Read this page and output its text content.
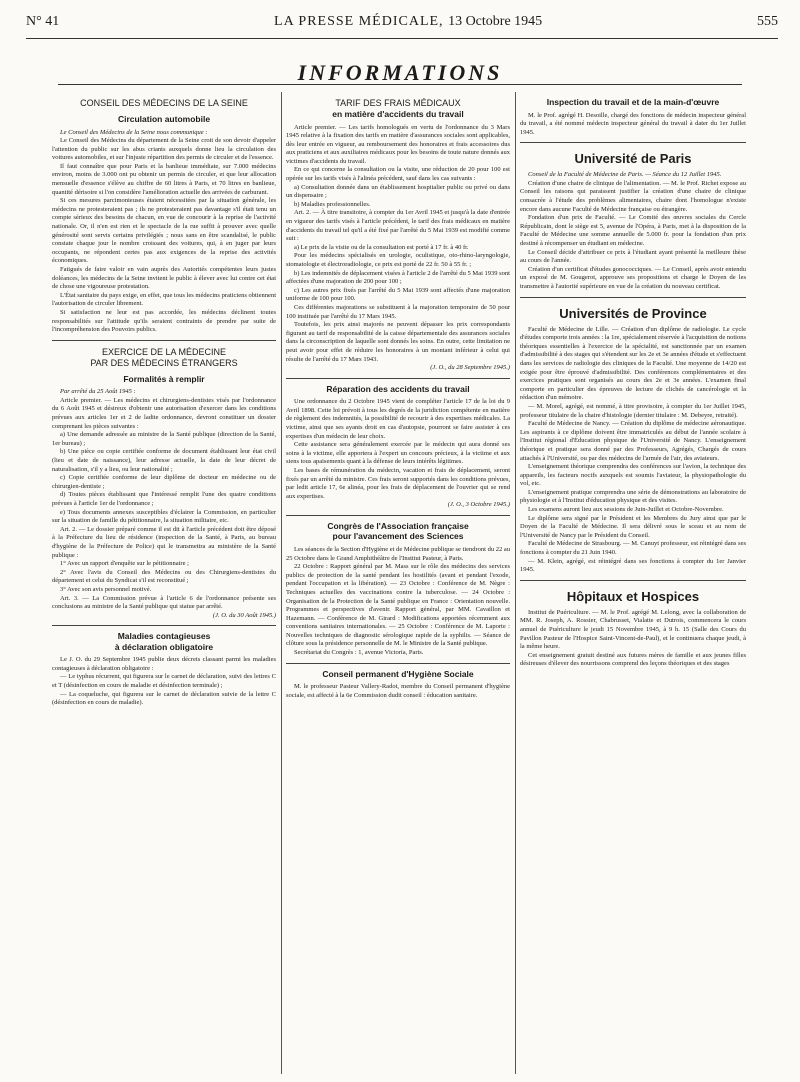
N° 41	LA PRESSE MÉDICALE, 13 Octobre 1945	555
INFORMATIONS
CONSEIL DES MÉDECINS DE LA SEINE
Circulation automobile

Le Conseil des Médecins de la Seine nous communique :

Le Conseil des Médecins du département de la Seine croit de son devoir d'appeler l'attention du public sur les abus criants auxquels donne lieu la circulation des voitures automobiles, et sur l'injuste répartition des permis de circuler et de l'essence.

Il faut connaître que pour Paris et la banlieue immédiate, sur 7.000 médecins environ, moins de 3.000 ont pu obtenir un permis de circuler, et que leur allocation mensuelle d'essence s'élève au chiffre de 60 litres à Paris, et 70 litres en banlieue, quantité dérisoire si l'on considère l'amélioration actuelle des arrivées de carburant.

Si ces mesures parcimonieuses étaient nécessitées par la situation générale, les médecins ne protesteraient pas ; ils ne protesteraient pas davantage s'il était tenu un compte sérieux des besoins de chacun, en vue de concourir à la reprise de l'activité nationale. Or, il n'en est rien et le spectacle de la rue suffit à prouver avec quelle générosité sont servis certains privilégiés ; nous sans en être scandalisé, le public constate chaque jour le nombre croissant des voitures, qui, à en juger par leurs occupants, ne répondent certes pas aux exigences de la reprise des activités économiques.

Fatigués de faire valoir en vain auprès des Autorités compétentes leurs justes doléances, les médecins de la Seine invitent le public à élever avec lui contre cet état de chose une vigoureuse protestation.

L'État sanitaire du pays exige, en effet, que tous les médecins praticiens obtiennent l'autorisation de circuler librement.

Si satisfaction ne leur est pas accordée, les médecins déclinent toutes responsabilités sur l'attitude qu'ils seraient contraints de prendre par suite de l'incompréhension des Pouvoirs publics.

EXERCICE DE LA MÉDECINE
PAR DES MÉDECINS ÉTRANGERS
Formalités à remplir

Par arrêté du 25 Août 1945 :

Article premier. — Les médecins et chirurgiens-dentistes visés par l'ordonnance du 6 Août 1945 et désireux d'obtenir une autorisation d'exercer dans les conditions prévues aux articles 1er et 2 de ladite ordonnance, devront constituer un dossier comprenant les pièces suivantes :

a) Une demande adressée au ministre de la Santé publique (direction de la Santé, 1er bureau) ;

b) Une pièce ou copie certifiée conforme de document établissant leur état civil (lieu et date de naissance), leur adresse actuelle, la date de leur décret de naturalisation, s'il y a lieu, ou leur nationalité ;

c) Copie certifiée conforme de leur diplôme de docteur en médecine ou de chirurgien-dentiste ;

d) Toutes pièces établissant que l'intéressé remplit l'une des quatre conditions prévues à l'article 1er de l'ordonnance ;

e) Tous documents annexes susceptibles d'éclairer la Commission, en particulier sur la situation de famille du pétitionnaire, la situation militaire, etc.

Art. 2. — Le dossier préparé comme il est dit à l'article précédent doit être déposé à la Préfecture du lieu de résidence (inspection de la Santé, à Paris, au bureau d'hygiène de la Préfecture de Police) qui le transmettra au ministère de la Santé publique :

1° Avec un rapport d'enquête sur le pétitionnaire ;

2° Avec l'avis du Conseil des Médecins ou des Chirurgiens-dentistes du département et celui du Syndicat s'il est reconstitué ;

3° Avec son avis personnel motivé.

Art. 3. — La Commission prévue à l'article 6 de l'ordonnance présente ses conclusions au ministre de la Santé publique qui statue par arrêté.

(J. O. du 30 Août 1945.)

Maladies contagieuses
à déclaration obligatoire

Le J. O. du 29 Septembre 1945 publie deux décrets classant parmi les maladies contagieuses à déclaration obligatoire :

— Le typhus récurrent, qui figurera sur le carnet de déclaration, suivi des lettres C et T (désinfection en cours de maladie et désinfection terminale) ;

— La coqueluche, qui figurera sur le carnet de déclaration suivie de la lettre C (désinfection en cours de maladie).

TARIF DES FRAIS MÉDICAUX
en matière d'accidents du travail

Article premier. — Les tarifs homologués en vertu de l'ordonnance du 3 Mars 1945 relative à la fixation des tarifs en matière d'assurances sociales sont applicables, dès leur entrée en vigueur, au remboursement des honoraires et frais accessoires dus aux praticiens et aux auxiliaires médicaux pour les besoins de toute nature donnés aux victimes d'accidents du travail.

En ce qui concerne la consultation ou la visite, une réduction de 20 pour 100 est opérée sur les tarifs visés à l'alinéa précédent, sauf dans les cas suivants :

a) Consultation donnée dans un établissement hospitalier public ou privé ou dans un dispensaire ;

b) Maladies professionnelles.

Art. 2. — À titre transitoire, à compter du 1er Avril 1945 et jusqu'à la date d'entrée en vigueur des tarifs visés à l'article précédent, le tarif des frais médicaux en matière d'accidents du travail tel qu'il a été fixé par l'arrêté du 5 Mai 1939 est modifié comme suit :

a) Le prix de la visite ou de la consultation est porté à 17 fr. à 40 fr.

Pour les médecins spécialisés en urologie, oculistique, oto-rhino-laryngologie, stomatologie et électroradiologie, ce prix est porté de 22 fr. 50 à 55 fr. ;

b) Les indemnités de déplacement visées à l'article 2 de l'arrêté du 5 Mai 1939 sont affectées d'une majoration de 200 pour 100 ;

c) Les autres prix fixés par l'arrêté du 5 Mai 1939 sont affectés d'une majoration uniforme de 100 pour 100.

Ces différentes majorations se substituent à la majoration temporaire de 50 pour 100 instituée par l'arrêté du 17 Mars 1945.

Toutefois, les prix ainsi majorés ne peuvent dépasser les prix correspondants figurant au tarif de responsabilité de la caisse départementale des assurances sociales dans la circonscription de laquelle sont donnés les soins. En outre, cette limitation ne peut avoir pour effet de réduire les honoraires à un montant inférieur à celui qui résulte de l'arrêté du 17 Mars 1943.

(J. O., du 28 Septembre 1945.)

Réparation des accidents du travail

Une ordonnance du 2 Octobre 1945 vient de compléter l'article 17 de la loi du 9 Avril 1898. Cette loi prévoit à tous les degrés de la juridiction compétente en matière de règlement des indemnités, la possibilité de recourir à des expertises médicales. La victime, ainsi que ses ayants droit en cas d'autopsie, pourront se faire assister à ces expertises d'un médecin de leur choix.

Cette assistance sera généralement exercée par le médecin qui aura donné ses soins à la victime, elle apportera à l'expert un concours précieux, à la victime et aux siens tous apaisements quant à la défense de leurs intérêts légitimes.

Les bases de rémunération du médecin, vacation et frais de déplacement, seront fixés par un arrêté du ministre. Ces frais seront supportés dans les conditions prévues, par ledit article 17, 6e alinéa, pour les frais de déplacement de l'ouvrier qui se rend aux expertises.

(J. O., 3 Octobre 1945.)

Congrès de l'Association française
pour l'avancement des Sciences

Les séances de la Section d'Hygiène et de Médecine publique se tiendront du 22 au 25 Octobre dans le Grand Amphithéâtre de l'Institut Pasteur, à Paris.

22 Octobre : Rapport général par M. Mass sur le rôle des médecins des services publics de protection de la santé pendant les hostilités (avant et pendant l'exode, pendant l'occupation et la libération). — 23 Octobre : Conférence de M. Nègre : Techniques actuelles des vaccinations contre la tuberculose. — 24 Octobre : Organisation de la Protection de la Santé publique en France : Orientation nouvelle. Programmes et perspectives d'avenir. Rapport général, par MM. Cavaillon et Hazemann. — Conférence de M. Girard : Modifications apportées récemment aux conventions sanitaires internationales. — 25 Octobre : Conférence de M. Laporte : Nouvelles techniques de diagnostic sérologique rapide de la syphilis. — Séance de clôture sous la présidence personnelle de M. le Ministre de la Santé publique.

Secrétariat du Congrès : 1, avenue Victoria, Paris.

Conseil permanent d'Hygiène Sociale

M. le professeur Pasteur Vallery-Radot, membre du Conseil permanent d'hygiène sociale, est affecté à la 6e Commission dudit conseil : éducation sanitaire.

Inspection du travail et de la main-d'œuvre

M. le Prof. agrégé H. Desoille, chargé des fonctions de médecin inspecteur général du travail, a été nommé médecin inspecteur général du travail à dater du 1er Juillet 1945.

Université de Paris

Conseil de la Faculté de Médecine de Paris. — Séance du 12 Juillet 1945.

Création d'une chaire de clinique de l'alimentation. — M. le Prof. Richet expose au Conseil les raisons qui paraissent justifier la création d'une chaire de clinique consacrée à l'étude des problèmes alimentaires, chaire dont l'homologue n'existe encore dans aucune Faculté de Médecine française ou étrangère.

Fondation d'un prix de Faculté. — Le Comité des œuvres sociales du Cercle Républicain, dont le siège est 5, avenue de l'Opéra, à Paris, met à la disposition de la Faculté de Médecine une somme annuelle de 5.000 fr. pour la fondation d'un prix destiné à récompenser un étudiant en médecine.

Le Conseil décide d'attribuer ce prix à l'étudiant ayant présenté la meilleure thèse au cours de l'année.

Création d'un certificat d'études gonococciques. — Le Conseil, après avoir entendu un exposé de M. Gougerot, approuve ses propositions et charge le Doyen de les transmettre à l'autorité supérieure en vue de la création du nouveau certificat.

Universités de Province

Faculté de Médecine de Lille. — Création d'un diplôme de radiologie. Le cycle d'études comporte trois années : la 1re, spécialement réservée à l'acquisition de notions théoriques essentielles à l'exercice de la spécialité, est sanctionnée par un examen d'admissibilité à des stages qui s'étendent sur les 2e et 3e années d'étude et s'effectuent dans les services de radiologie des cliniques de la Faculté. Une moyenne de 14/20 est exigée pour être éprouvé d'admissibilité. Des conférences complémentaires et des exercices pratiques sont organisés au cours des 2e et 3e années. L'examen final comporte en particulier des épreuves de lecture de clichés de cancérologie et la rédaction d'un mémoire.

— M. Morel, agrégé, est nommé, à titre provisoire, à compter du 1er Juillet 1945, professeur titulaire de la chaire d'histologie (dernier titulaire : M. Debeyre, retraité).

Faculté de Médecine de Nancy. — Création du diplôme de médecine aéronautique. Les aspirants à ce diplôme doivent être immatriculés au début de l'année scolaire à l'Institut régional d'Éducation physique de l'Université de Nancy. L'enseignement théorique et pratique sera donné par des Professeurs, Agrégés, Chargés de cours attachés à l'Université, ou par des médecins de l'armée de l'air, des aviateurs.

L'enseignement théorique comprendra des conférences sur l'avion, la technique des appareils, les facteurs nocifs auxquels est soumis l'aviateur, la physiopathologie du vol, etc.

L'enseignement pratique comprendra une série de démonstrations au laboratoire de physiologie et à l'Institut d'éducation physique et des visites.

Les examens auront lieu aux sessions de Juin-Juillet et Octobre-Novembre.

Le diplôme sera signé par le Président et les Membres du Jury ainsi que par le Doyen de la Faculté de Médecine. Il sera délivré sous le sceau et au nom de l'Université de Nancy par le Président du Conseil.

Faculté de Médecine de Strasbourg. — M. Canuyt professeur, est réintégré dans ses fonctions à compter du 21 Juin 1940.

— M. Klein, agrégé, est réintégré dans ses fonctions à compter du 1er Janvier 1945.

Hôpitaux et Hospices

Institut de Puériculture. — M. le Prof. agrégé M. Lelong, avec la collaboration de MM. R. Joseph, A. Rossier, Chabrusset, Vialatte et Dutrois, commencera le cours annuel de Puériculture le jeudi 15 Novembre 1945, à 9 h. 15 (Salle des Cours du Pavillon Pasteur de l'Hospice Saint-Vincent-de-Paul), et le continuera chaque jeudi, à la même heure.

Cet enseignement gratuit destiné aux futures mères de famille et aux jeunes filles désireuses d'élever des nourrissons comprend des leçons théoriques et des stages
